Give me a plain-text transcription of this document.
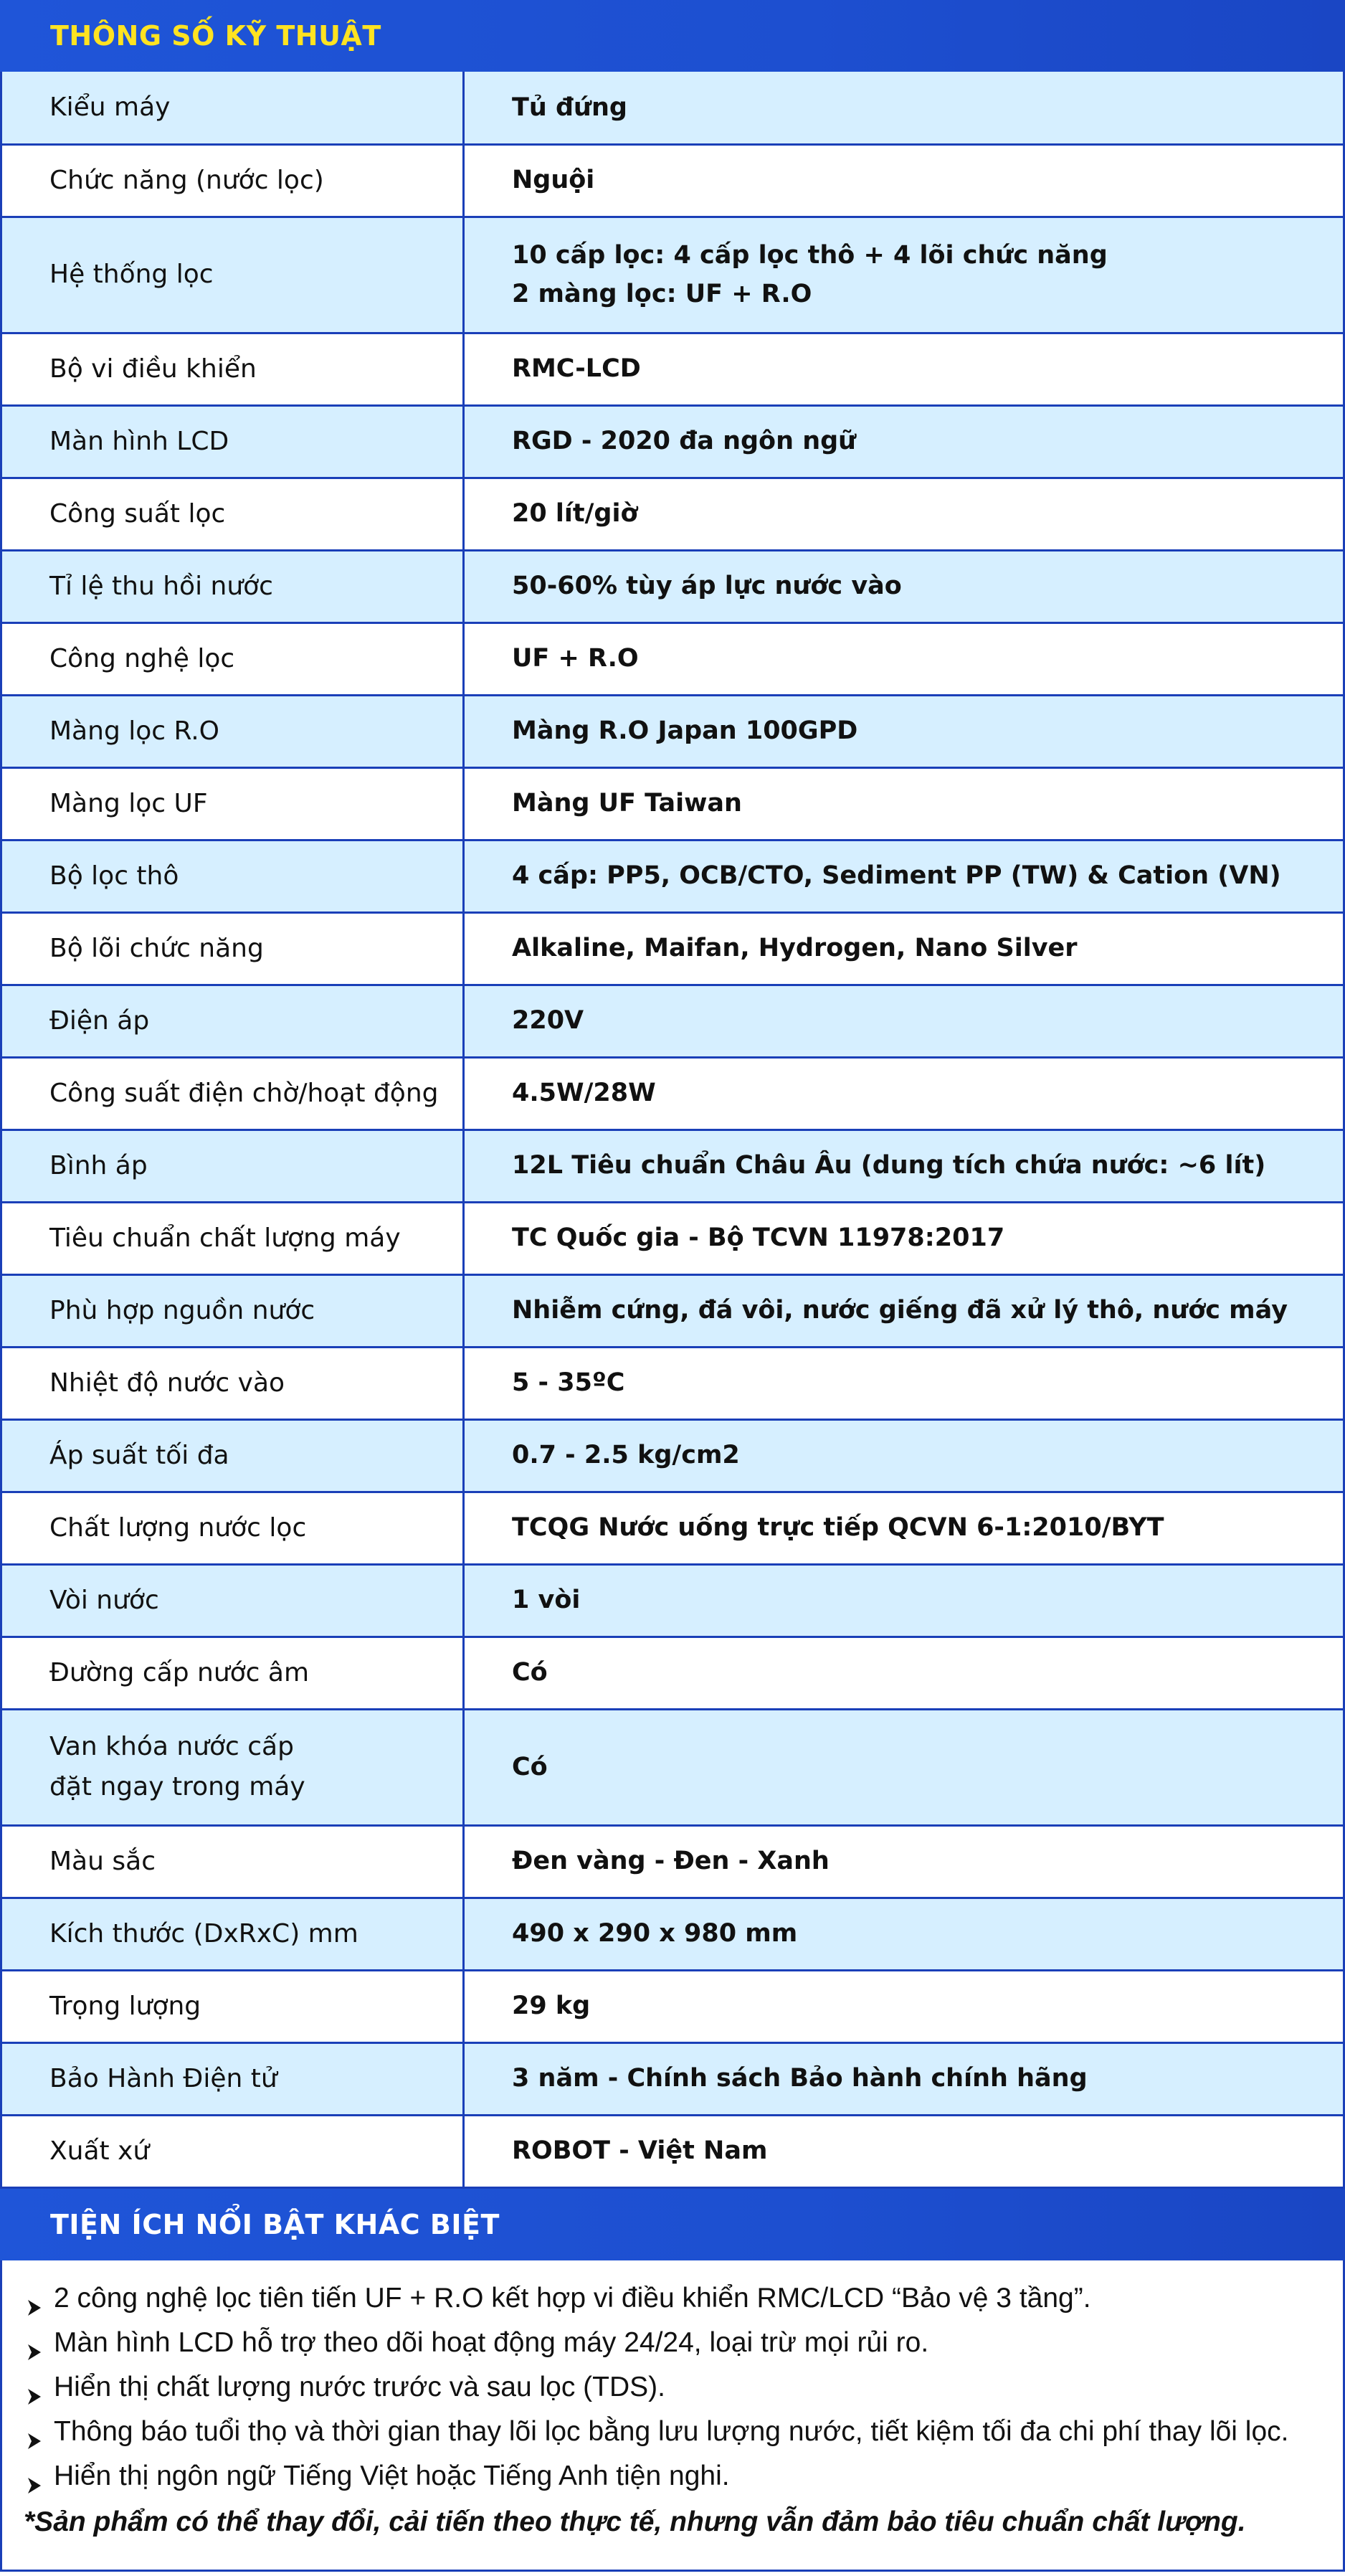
THÔNG SỐ KỸ THUẬT
Kiểu máy	Tủ đứng

Chức năng (nước lọc)	Nguội

Hệ thống lọc	10 cấp lọc: 4 cấp lọc thô + 4 lõi chức năng
2 màng lọc: UF + R.O

Bộ vi điều khiển	RMC-LCD

Màn hình LCD	RGD - 2020 đa ngôn ngữ

Công suất lọc	20 lít/giờ

Tỉ lệ thu hồi nước	50-60% tùy áp lực nước vào

Công nghệ lọc	UF + R.O

Màng lọc R.O	Màng R.O Japan 100GPD

Màng lọc UF	Màng UF Taiwan

Bộ lọc thô	4 cấp: PP5, OCB/CTO, Sediment PP (TW) & Cation (VN)

Bộ lõi chức năng	Alkaline, Maifan, Hydrogen, Nano Silver

Điện áp	220V

Công suất điện chờ/hoạt động	4.5W/28W

Bình áp	12L Tiêu chuẩn Châu Âu (dung tích chứa nước: ~6 lít)

Tiêu chuẩn chất lượng máy	TC Quốc gia - Bộ TCVN 11978:2017

Phù hợp nguồn nước	Nhiễm cứng, đá vôi, nước giếng đã xử lý thô, nước máy

Nhiệt độ nước vào	5 - 35ºC

Áp suất tối đa	0.7 - 2.5 kg/cm2

Chất lượng nước lọc	TCQG Nước uống trực tiếp QCVN 6-1:2010/BYT

Vòi nước	1 vòi

Đường cấp nước âm	Có

Van khóa nước cấp
đặt ngay trong máy	Có

Màu sắc	Đen vàng - Đen - Xanh

Kích thước (DxRxC) mm	490 x 290 x 980 mm

Trọng lượng	29 kg

Bảo Hành Điện tử	3 năm - Chính sách Bảo hành chính hãng

Xuất xứ	ROBOT - Việt Nam
TIỆN ÍCH NỔI BẬT KHÁC BIỆT
2 công nghệ lọc tiên tiến UF + R.O kết hợp vi điều khiển RMC/LCD “Bảo vệ 3 tầng”.
Màn hình LCD hỗ trợ theo dõi hoạt động máy 24/24, loại trừ mọi rủi ro.
Hiển thị chất lượng nước trước và sau lọc (TDS).
Thông báo tuổi thọ và thời gian thay lõi lọc bằng lưu lượng nước, tiết kiệm tối đa chi phí thay lõi lọc.
Hiển thị ngôn ngữ Tiếng Việt hoặc Tiếng Anh tiện nghi.
*Sản phẩm có thể thay đổi, cải tiến theo thực tế, nhưng vẫn đảm bảo tiêu chuẩn chất lượng.
